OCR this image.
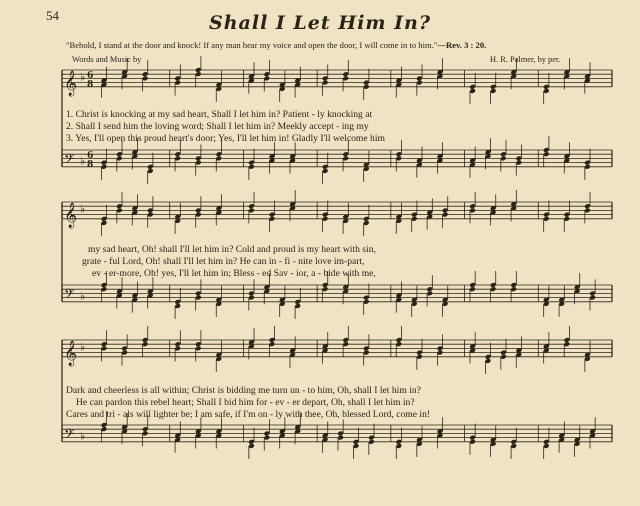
54	Shall I Let Him In?
"Behold, I stand at the door and knock! If any man hear my voice and open the door, I will come in to him."—Rev. 3 : 20.
Words and Music by	H. R. Palmer, by per.
𝄞 ♭
𝄢 ♭
6
8
6
8
𝄞 ♭
𝄢 ♭
𝄞 ♭
𝄢 ♭
1. Christ is knocking at my sad heart, Shall I let him in? Patient - ly knocking at
2. Shall I send him the loving word; Shall I let him in? Meekly accept - ing my
3. Yes, I'll open this proud heart's door; Yes, I'll let him in! Gladly I'll welcome him
my sad heart, Oh! shall I'll let him in? Cold and proud is my heart with sin,
grate - ful Lord, Oh! shall I'll let him in? He can in - fi - nite love im-part,
ev - er-more, Oh! yes, I'll let him in; Bless - ed Sav - ior, a - bide with me,
Dark and cheerless is all within; Christ is bidding me turn un - to him, Oh, shall I let him in?
He can pardon this rebel heart; Shall I bid him for - ev - er depart, Oh, shall I let him in?
Cares and tri - als will lighter be; I am safe, if I'm on - ly with thee, Oh, blessed Lord, come in!
